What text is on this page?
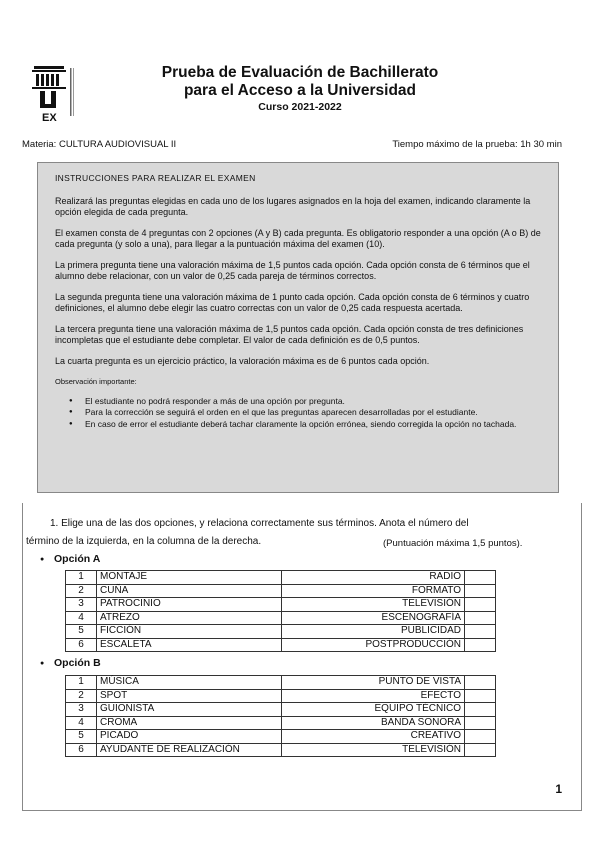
EX
Prueba de Evaluación de Bachillerato
para el Acceso a la Universidad
Curso 2021-2022
Materia: CULTURA AUDIOVISUAL II	Tiempo máximo de la prueba: 1h 30 min

INSTRUCCIONES PARA REALIZAR EL EXAMEN

Realizará las preguntas elegidas en cada uno de los lugares asignados en la hoja del examen, indicando claramente la opción elegida de cada pregunta.

El examen consta de 4 preguntas con 2 opciones (A y B) cada pregunta. Es obligatorio responder a una opción (A o B) de cada pregunta (y solo a una), para llegar a la puntuación máxima del examen (10).

La primera pregunta tiene una valoración máxima de 1,5 puntos cada opción. Cada opción consta de 6 términos que el alumno debe relacionar, con un valor de 0,25 cada pareja de términos correctos.

La segunda pregunta tiene una valoración máxima de 1 punto cada opción. Cada opción consta de 6 términos y cuatro definiciones, el alumno debe elegir las cuatro correctas con un valor de 0,25 cada respuesta acertada.

La tercera pregunta tiene una valoración máxima de 1,5 puntos cada opción. Cada opción consta de tres definiciones incompletas que el estudiante debe completar. El valor de cada definición es de 0,5 puntos.

La cuarta pregunta es un ejercicio práctico, la valoración máxima es de 6 puntos cada opción.

Observación importante:

● El estudiante no podrá responder a más de una opción por pregunta.
● Para la corrección se seguirá el orden en el que las preguntas aparecen desarrolladas por el estudiante.
● En caso de error el estudiante deberá tachar claramente la opción errónea, siendo corregida la opción no tachada.
1. Elige una de las dos opciones, y relaciona correctamente sus términos. Anota el número del
término de la izquierda, en la columna de la derecha.	(Puntuación máxima 1,5 puntos).
● Opción A
1	MONTAJE	RADIO	
2	CUÑA	FORMATO	
3	PATROCINIO	TELEVISIÓN	
4	ATREZO	ESCENOGRAFÍA	
5	FICCIÓN	PUBLICIDAD	
6	ESCALETA	POSTPRODUCCIÓN	
● Opción B
1	MÚSICA	PUNTO DE VISTA	
2	SPOT	EFECTO	
3	GUIONISTA	EQUIPO TÉCNICO	
4	CROMA	BANDA SONORA	
5	PICADO	CREATIVO	
6	AYUDANTE DE REALIZACIÓN	TELEVISIÓN	
1
